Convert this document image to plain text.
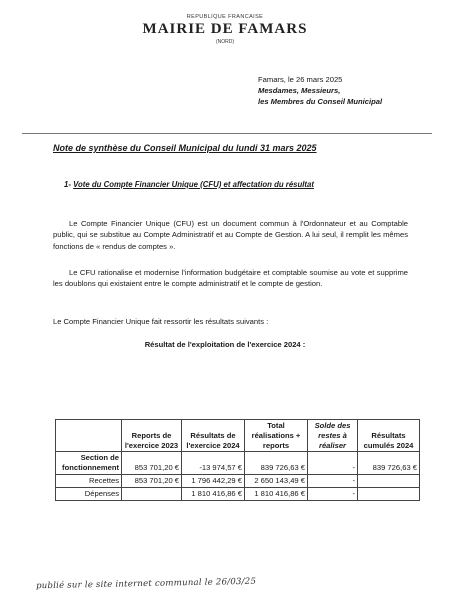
REPUBLIQUE FRANCAISE
MAIRIE DE FAMARS
(NORD)
Famars, le 26 mars 2025
Mesdames, Messieurs,
les Membres du Conseil Municipal
Note de synthèse du Conseil Municipal du lundi 31 mars 2025
1- Vote du Compte Financier Unique (CFU) et affectation du résultat
Le Compte Financier Unique (CFU) est un document commun à l'Ordonnateur et au Comptable public, qui se substitue au Compte Administratif et au Compte de Gestion. A lui seul, il remplit les mêmes fonctions de « rendus de comptes ».
Le CFU rationalise et modernise l'information budgétaire et comptable soumise au vote et supprime les doublons qui existaient entre le compte administratif et le compte de gestion.
Le Compte Financier Unique fait ressortir les résultats suivants :
Résultat de l'exploitation de l'exercice 2024 :
	Reports de l'exercice 2023	Résultats de l'exercice 2024	Total réalisations + reports	Solde des restes à réaliser	Résultats cumulés 2024
Section de fonctionnement	853 701,20 €	-13 974,57 €	839 726,63 €	-	839 726,63 €
Recettes	853 701,20 €	1 796 442,29 €	2 650 143,49 €	-	
Dépenses		1 810 416,86 €	1 810 416,86 €	-	
publié sur le site internet communal le 26/03/25
